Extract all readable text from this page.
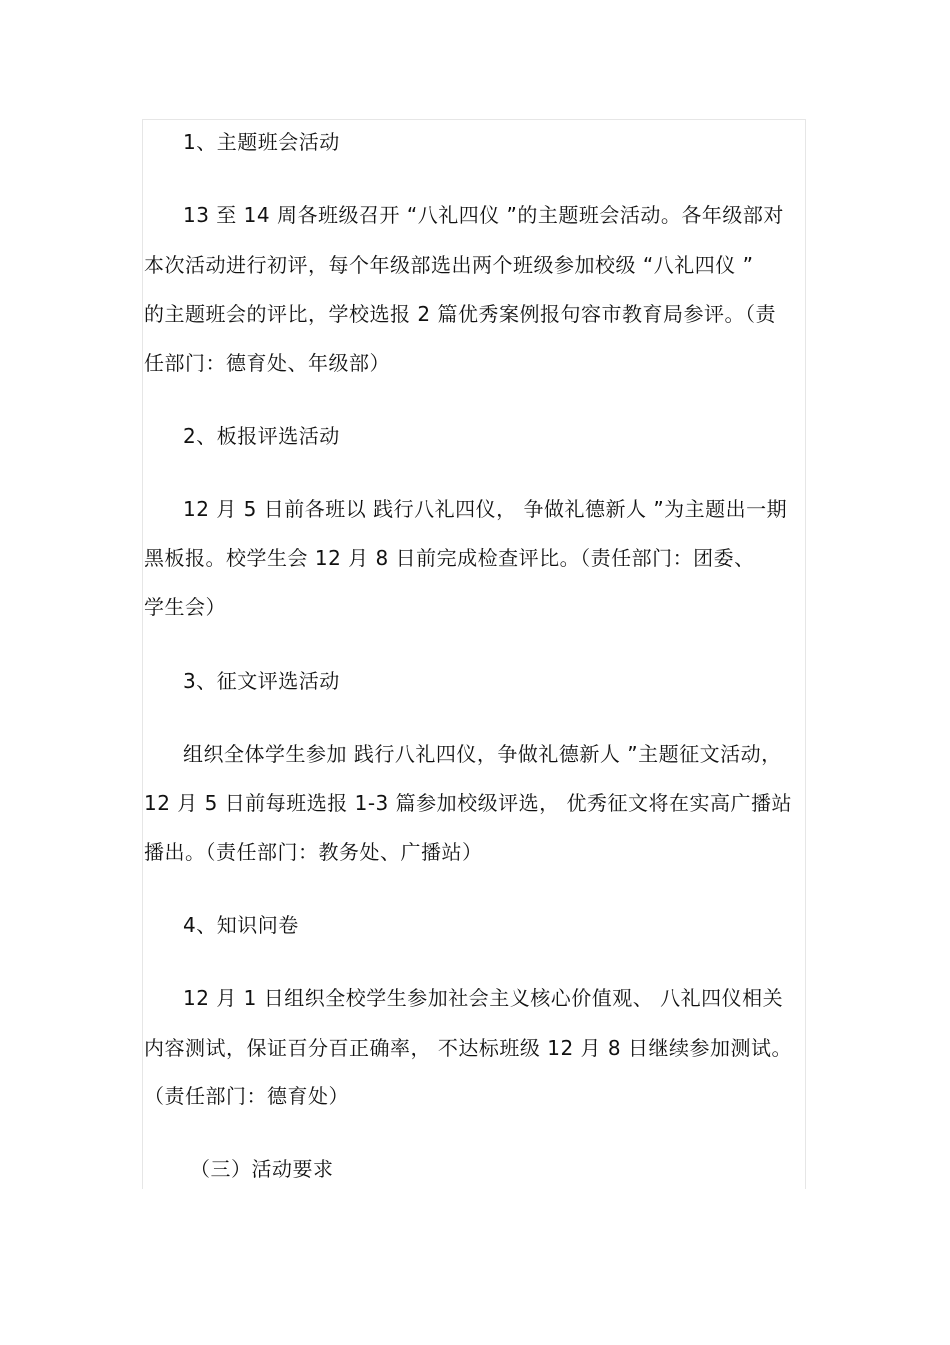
1、主题班会活动
13 至 14 周各班级召开 “八礼四仪 ”的主题班会活动。各年级部对
本次活动进行初评，每个年级部选出两个班级参加校级 “八礼四仪 ”
的主题班会的评比，学校选报 2 篇优秀案例报句容市教育局参评。（责
任部门：德育处、年级部）
2、板报评选活动
12 月 5 日前各班以 践行八礼四仪， 争做礼德新人 ”为主题出一期
黑板报。校学生会 12 月 8 日前完成检查评比。（责任部门：团委、
学生会）
3、征文评选活动
组织全体学生参加 践行八礼四仪，争做礼德新人 ”主题征文活动，
12 月 5 日前每班选报 1-3 篇参加校级评选， 优秀征文将在实高广播站
播出。（责任部门：教务处、广播站）
4、知识问卷
12 月 1 日组织全校学生参加社会主义核心价值观、 八礼四仪相关
内容测试，保证百分百正确率， 不达标班级 12 月 8 日继续参加测试。
（责任部门：德育处）
（三）活动要求
